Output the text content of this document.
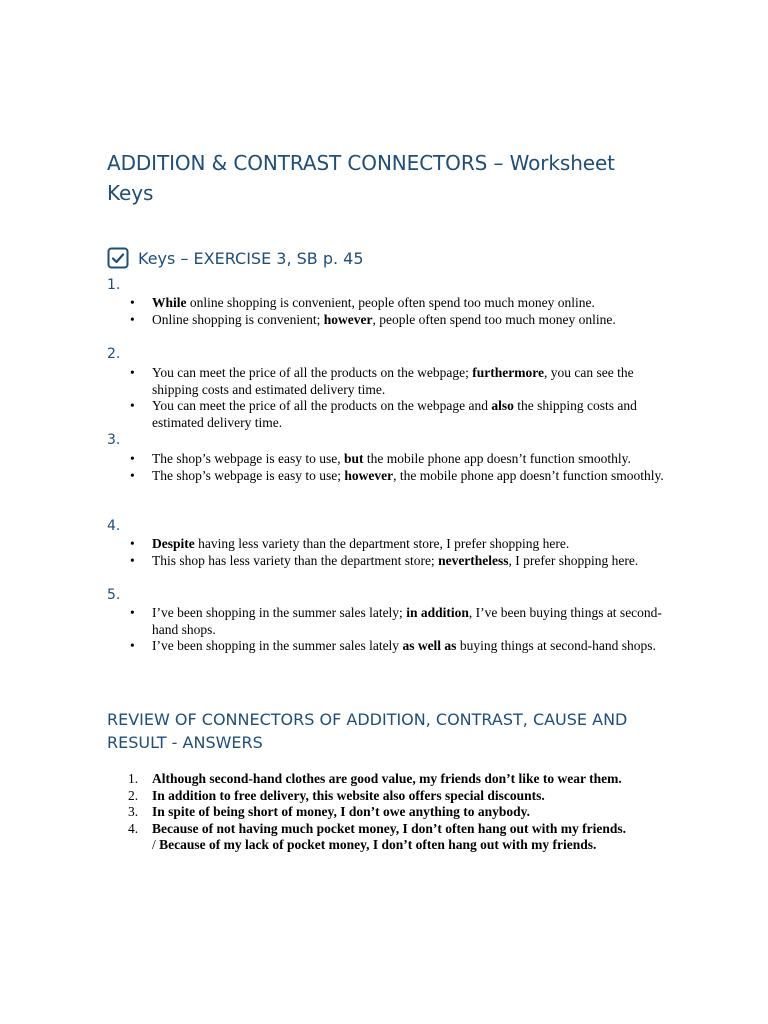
ADDITION & CONTRAST CONNECTORS – Worksheet Keys
Keys – EXERCISE 3, SB p. 45
1.
• While online shopping is convenient, people often spend too much money online.
• Online shopping is convenient; however, people often spend too much money online.
2.
• You can meet the price of all the products on the webpage; furthermore, you can see the shipping costs and estimated delivery time.
• You can meet the price of all the products on the webpage and also the shipping costs and estimated delivery time.
3.
• The shop’s webpage is easy to use, but the mobile phone app doesn’t function smoothly.
• The shop’s webpage is easy to use; however, the mobile phone app doesn’t function smoothly.
4.
• Despite having less variety than the department store, I prefer shopping here.
• This shop has less variety than the department store; nevertheless, I prefer shopping here.
5.
• I’ve been shopping in the summer sales lately; in addition, I’ve been buying things at second-hand shops.
• I’ve been shopping in the summer sales lately as well as buying things at second-hand shops.
REVIEW OF CONNECTORS OF ADDITION, CONTRAST, CAUSE AND RESULT - ANSWERS
1. Although second-hand clothes are good value, my friends don’t like to wear them.
2. In addition to free delivery, this website also offers special discounts.
3. In spite of being short of money, I don’t owe anything to anybody.
4. Because of not having much pocket money, I don’t often hang out with my friends.
/ Because of my lack of pocket money, I don’t often hang out with my friends.
